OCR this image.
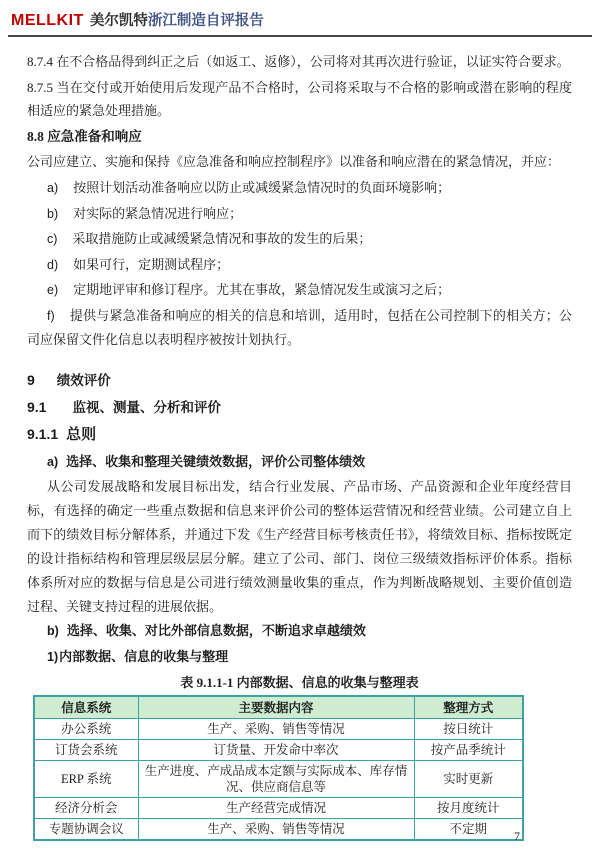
MELLKIT 美尔凯特 浙江制造自评报告

8.7.4 在不合格品得到纠正之后（如返工、返修），公司将对其再次进行验证，以证实符合要求。

8.7.5 当在交付或开始使用后发现产品不合格时，公司将采取与不合格的影响或潜在影响的程度相适应的紧急处理措施。

8.8 应急准备和响应

公司应建立、实施和保持《应急准备和响应控制程序》以准备和响应潜在的紧急情况，并应：

a) 按照计划活动准备响应以防止或减缓紧急情况时的负面环境影响；

b) 对实际的紧急情况进行响应；

c) 采取措施防止或减缓紧急情况和事故的发生的后果；

d) 如果可行，定期测试程序；

e) 定期地评审和修订程序。尤其在事故，紧急情况发生或演习之后；

f) 提供与紧急准备和响应的相关的信息和培训，适用时，包括在公司控制下的相关方；公司应保留文件化信息以表明程序被按计划执行。

9 绩效评价

9.1 监视、测量、分析和评价

9.1.1 总则

a) 选择、收集和整理关键绩效数据，评价公司整体绩效

从公司发展战略和发展目标出发，结合行业发展、产品市场、产品资源和企业年度经营目标，有选择的确定一些重点数据和信息来评价公司的整体运营情况和经营业绩。公司建立自上而下的绩效目标分解体系，并通过下发《生产经营目标考核责任书》，将绩效目标、指标按既定的设计指标结构和管理层级层层分解。建立了公司、部门、岗位三级绩效指标评价体系。指标体系所对应的数据与信息是公司进行绩效测量收集的重点，作为判断战略规划、主要价值创造过程、关键支持过程的进展依据。

b) 选择、收集、对比外部信息数据，不断追求卓越绩效

1)内部数据、信息的收集与整理

表 9.1.1-1 内部数据、信息的收集与整理表

信息系统	主要数据内容	整理方式
办公系统	生产、采购、销售等情况	按日统计
订货会系统	订货量、开发命中率次	按产品季统计
ERP 系统	生产进度、产成品成本定额与实际成本、库存情况、供应商信息等	实时更新
经济分析会	生产经营完成情况	按月度统计
专题协调会议	生产、采购、销售等情况	不定期 7
